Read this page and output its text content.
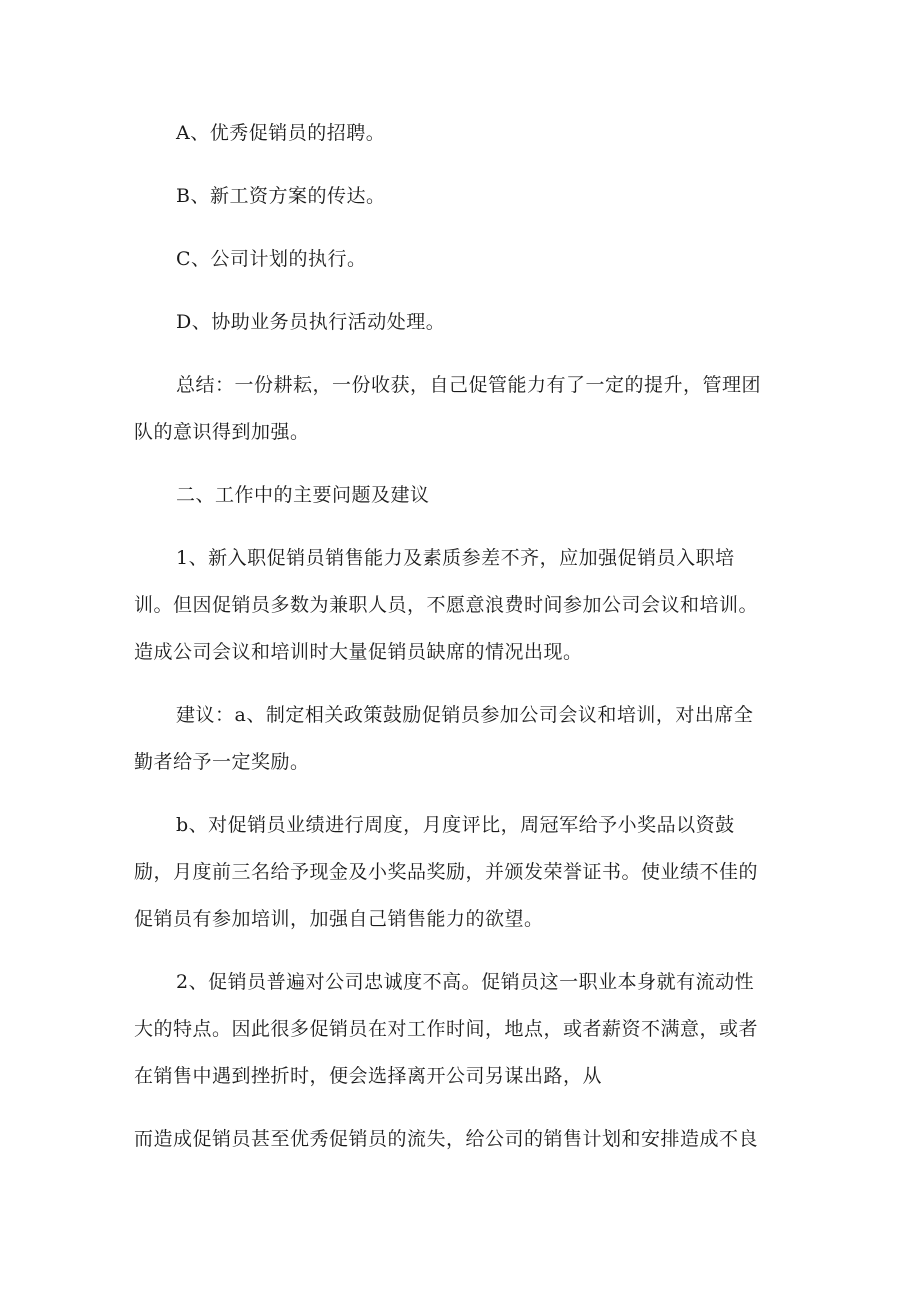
A、优秀促销员的招聘。

B、新工资方案的传达。

C、公司计划的执行。

D、协助业务员执行活动处理。

总结：一份耕耘，一份收获，自己促管能力有了一定的提升，管理团

队的意识得到加强。

二、工作中的主要问题及建议

1、新入职促销员销售能力及素质参差不齐，应加强促销员入职培

训。但因促销员多数为兼职人员，不愿意浪费时间参加公司会议和培训。

造成公司会议和培训时大量促销员缺席的情况出现。

建议：a、制定相关政策鼓励促销员参加公司会议和培训，对出席全

勤者给予一定奖励。

b、对促销员业绩进行周度，月度评比，周冠军给予小奖品以资鼓

励，月度前三名给予现金及小奖品奖励，并颁发荣誉证书。使业绩不佳的

促销员有参加培训，加强自己销售能力的欲望。

2、促销员普遍对公司忠诚度不高。促销员这一职业本身就有流动性

大的特点。因此很多促销员在对工作时间，地点，或者薪资不满意，或者

在销售中遇到挫折时，便会选择离开公司另谋出路，从

而造成促销员甚至优秀促销员的流失，给公司的销售计划和安排造成不良
